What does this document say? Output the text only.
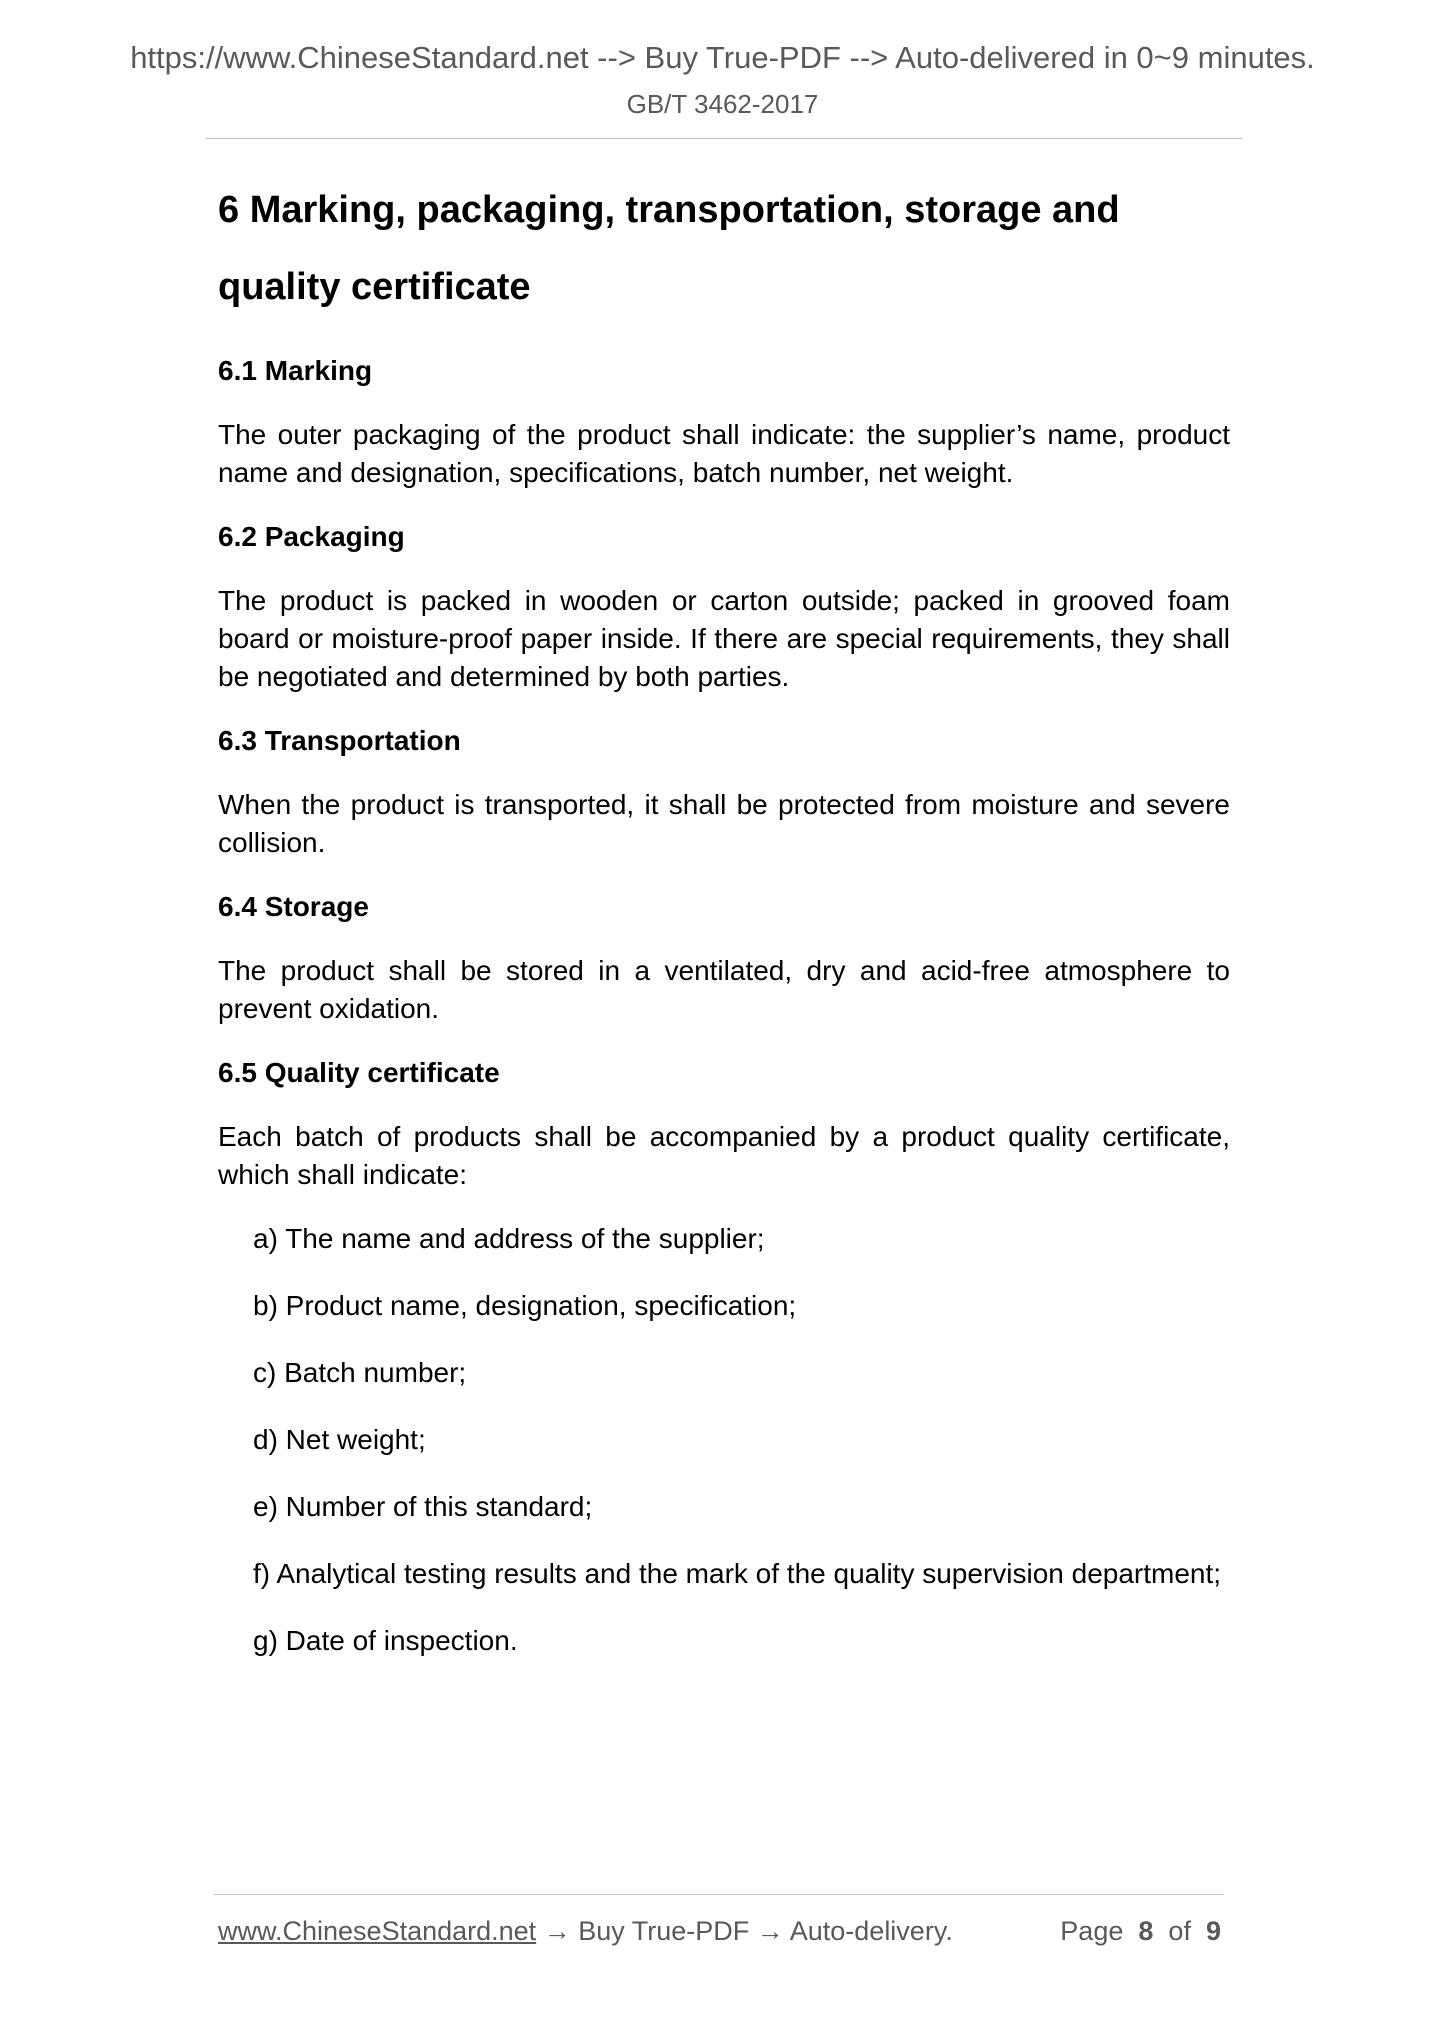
https://www.ChineseStandard.net --> Buy True-PDF --> Auto-delivered in 0~9 minutes.
GB/T 3462-2017
6 Marking, packaging, transportation, storage and
quality certificate
6.1 Marking
The outer packaging of the product shall indicate: the supplier’s name, product name and designation, specifications, batch number, net weight.
6.2 Packaging
The product is packed in wooden or carton outside; packed in grooved foam board or moisture-proof paper inside. If there are special requirements, they shall be negotiated and determined by both parties.
6.3 Transportation
When the product is transported, it shall be protected from moisture and severe collision.
6.4 Storage
The product shall be stored in a ventilated, dry and acid-free atmosphere to prevent oxidation.
6.5 Quality certificate
Each batch of products shall be accompanied by a product quality certificate, which shall indicate:
a) The name and address of the supplier;
b) Product name, designation, specification;
c) Batch number;
d) Net weight;
e) Number of this standard;
f) Analytical testing results and the mark of the quality supervision department;
g) Date of inspection.
www.ChineseStandard.net → Buy True-PDF → Auto-delivery.	Page 8 of 9
